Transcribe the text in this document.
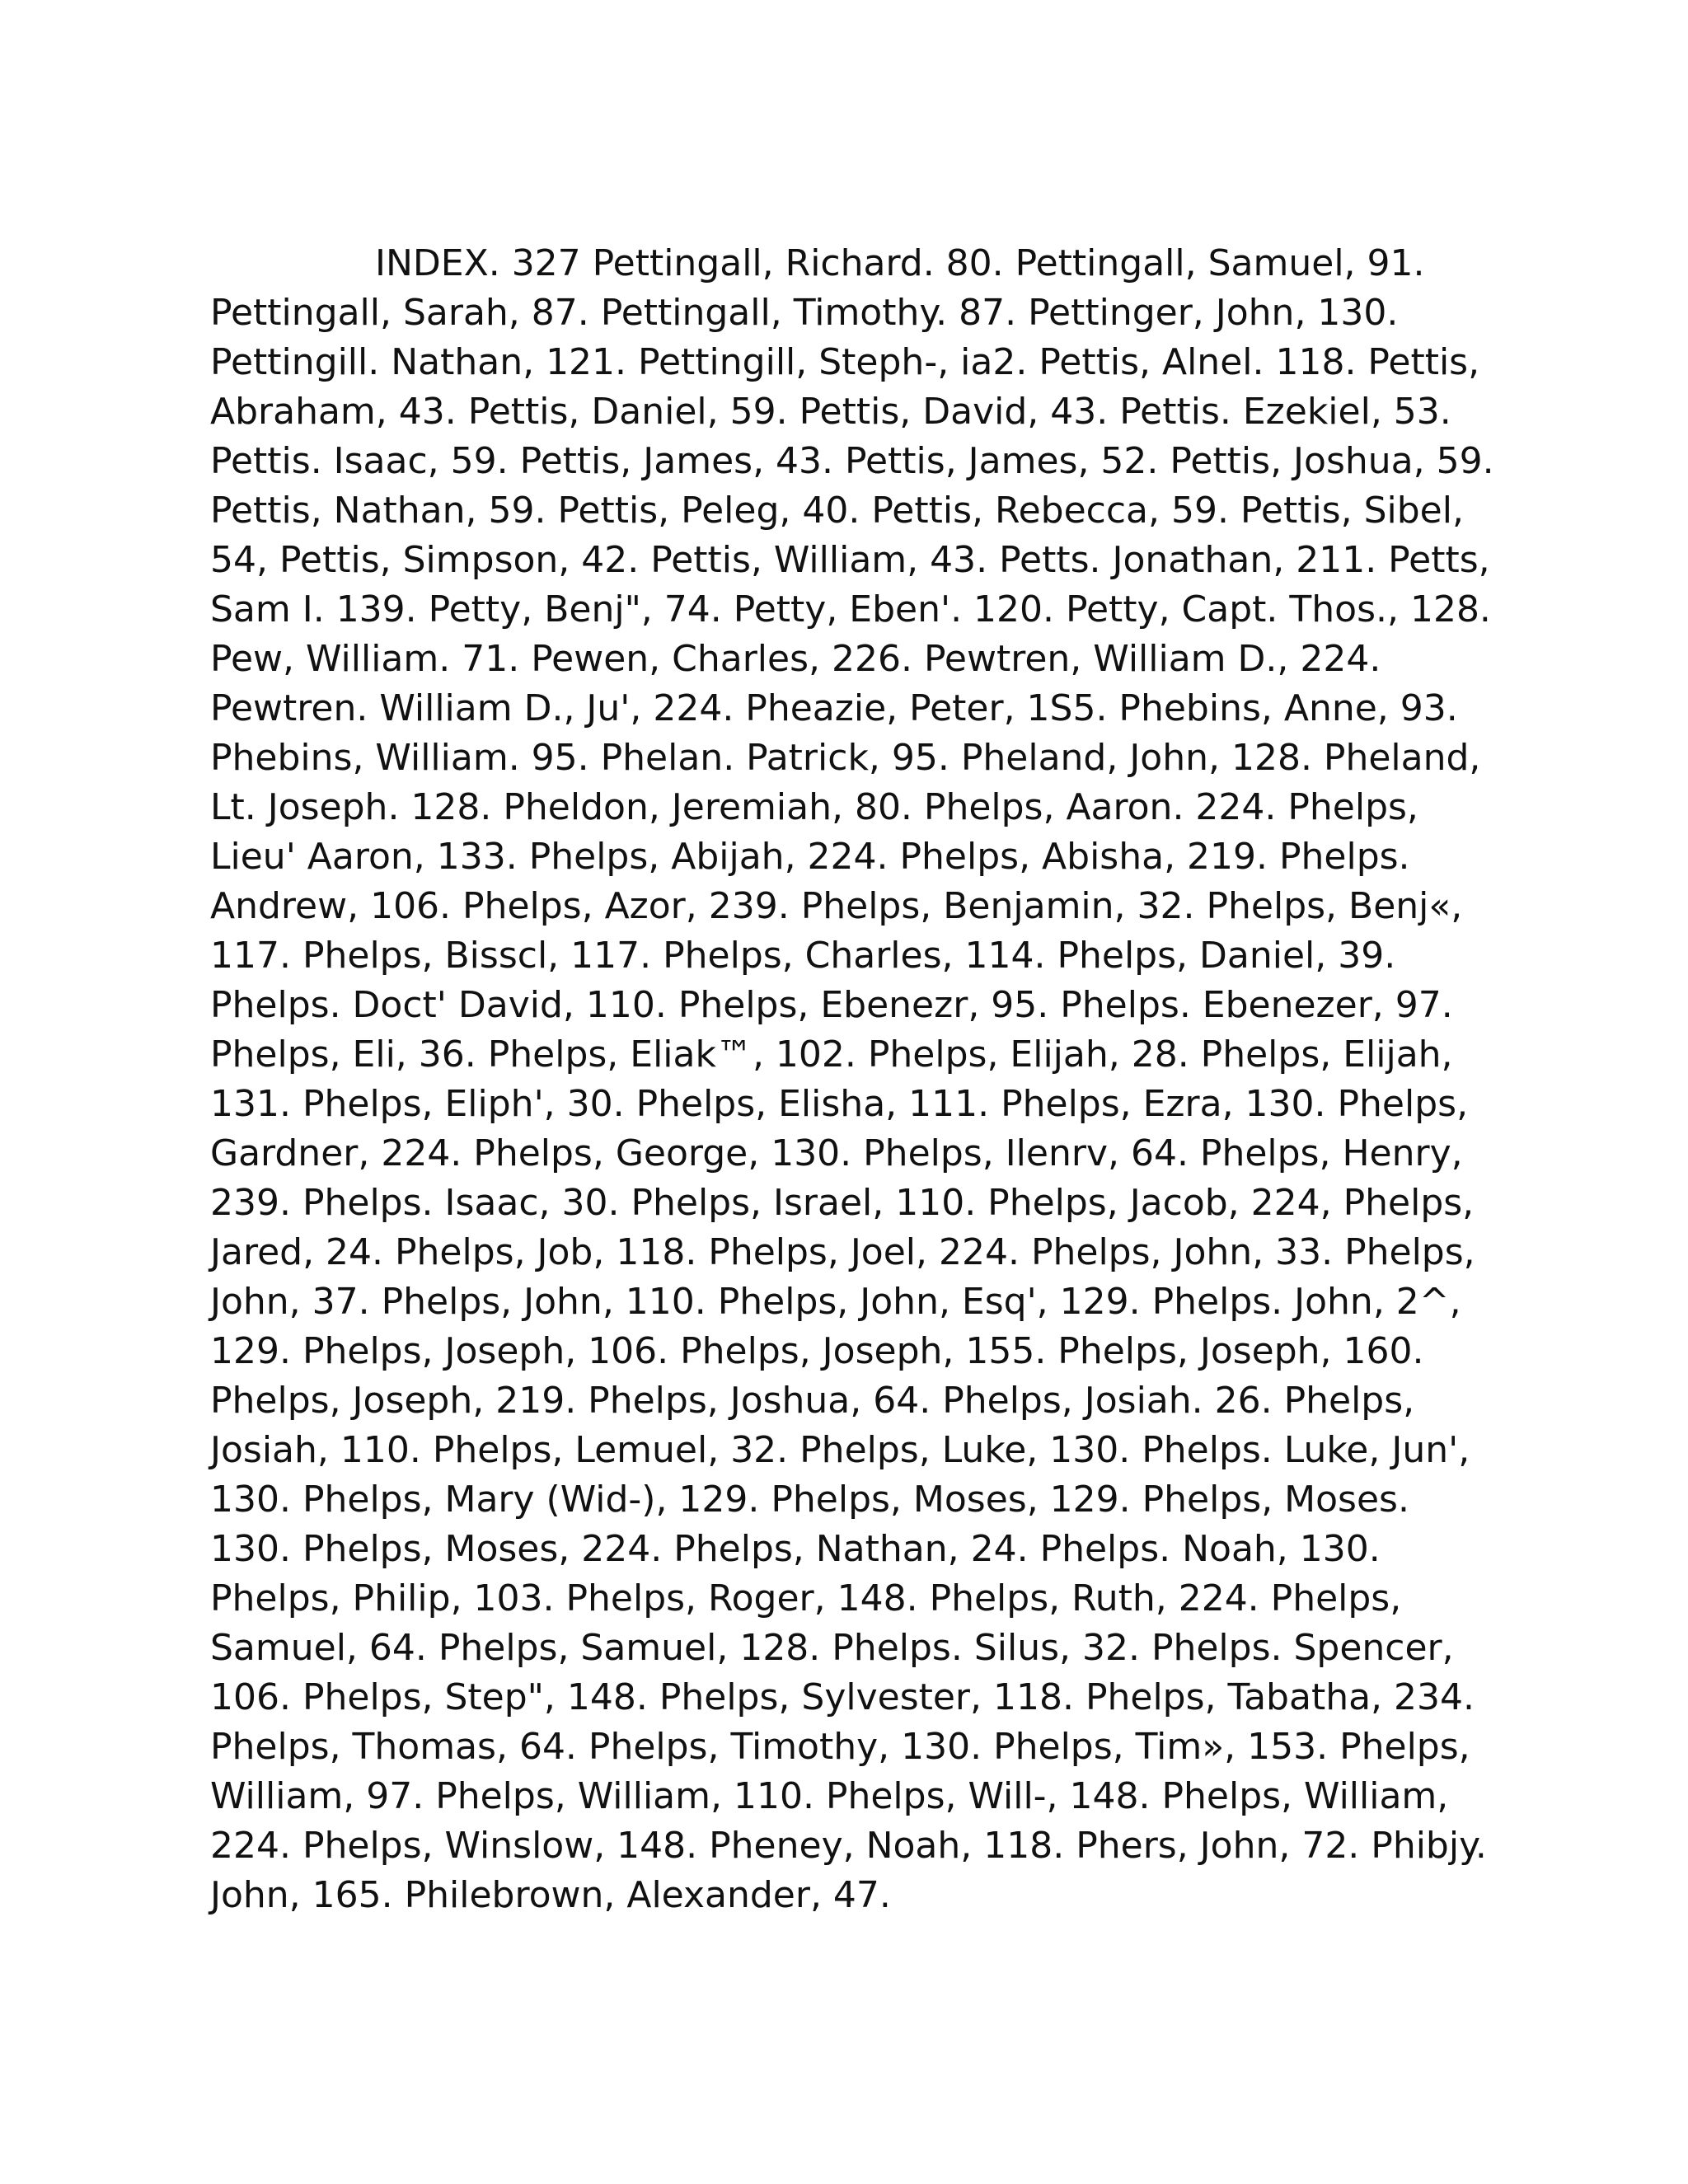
INDEX. 327 Pettingall, Richard. 80. Pettingall, Samuel, 91. Pettingall, Sarah, 87. Pettingall, Timothy. 87. Pettinger, John, 130. Pettingill. Nathan, 121. Pettingill, Steph-, ia2. Pettis, Alnel. 118. Pettis, Abraham, 43. Pettis, Daniel, 59. Pettis, David, 43. Pettis. Ezekiel, 53. Pettis. Isaac, 59. Pettis, James, 43. Pettis, James, 52. Pettis, Joshua, 59. Pettis, Nathan, 59. Pettis, Peleg, 40. Pettis, Rebecca, 59. Pettis, Sibel, 54, Pettis, Simpson, 42. Pettis, William, 43. Petts. Jonathan, 211. Petts, Sam I. 139. Petty, Benj", 74. Petty, Eben'. 120. Petty, Capt. Thos., 128. Pew, William. 71. Pewen, Charles, 226. Pewtren, William D., 224. Pewtren. William D., Ju', 224. Pheazie, Peter, 1S5. Phebins, Anne, 93. Phebins, William. 95. Phelan. Patrick, 95. Pheland, John, 128. Pheland, Lt. Joseph. 128. Pheldon, Jeremiah, 80. Phelps, Aaron. 224. Phelps, Lieu' Aaron, 133. Phelps, Abijah, 224. Phelps, Abisha, 219. Phelps. Andrew, 106. Phelps, Azor, 239. Phelps, Benjamin, 32. Phelps, Benj«, 117. Phelps, Bisscl, 117. Phelps, Charles, 114. Phelps, Daniel, 39. Phelps. Doct' David, 110. Phelps, Ebenezr, 95. Phelps. Ebenezer, 97. Phelps, Eli, 36. Phelps, Eliak™, 102. Phelps, Elijah, 28. Phelps, Elijah, 131. Phelps, Eliph', 30. Phelps, Elisha, 111. Phelps, Ezra, 130. Phelps, Gardner, 224. Phelps, George, 130. Phelps, Ilenrv, 64. Phelps, Henry, 239. Phelps. Isaac, 30. Phelps, Israel, 110. Phelps, Jacob, 224, Phelps, Jared, 24. Phelps, Job, 118. Phelps, Joel, 224. Phelps, John, 33. Phelps, John, 37. Phelps, John, 110. Phelps, John, Esq', 129. Phelps. John, 2^, 129. Phelps, Joseph, 106. Phelps, Joseph, 155. Phelps, Joseph, 160. Phelps, Joseph, 219. Phelps, Joshua, 64. Phelps, Josiah. 26. Phelps, Josiah, 110. Phelps, Lemuel, 32. Phelps, Luke, 130. Phelps. Luke, Jun', 130. Phelps, Mary (Wid-), 129. Phelps, Moses, 129. Phelps, Moses. 130. Phelps, Moses, 224. Phelps, Nathan, 24. Phelps. Noah, 130. Phelps, Philip, 103. Phelps, Roger, 148. Phelps, Ruth, 224. Phelps, Samuel, 64. Phelps, Samuel, 128. Phelps. Silus, 32. Phelps. Spencer, 106. Phelps, Step", 148. Phelps, Sylvester, 118. Phelps, Tabatha, 234. Phelps, Thomas, 64. Phelps, Timothy, 130. Phelps, Tim», 153. Phelps, William, 97. Phelps, William, 110. Phelps, Will-, 148. Phelps, William, 224. Phelps, Winslow, 148. Pheney, Noah, 118. Phers, John, 72. Phibjy. John, 165. Philebrown, Alexander, 47.
